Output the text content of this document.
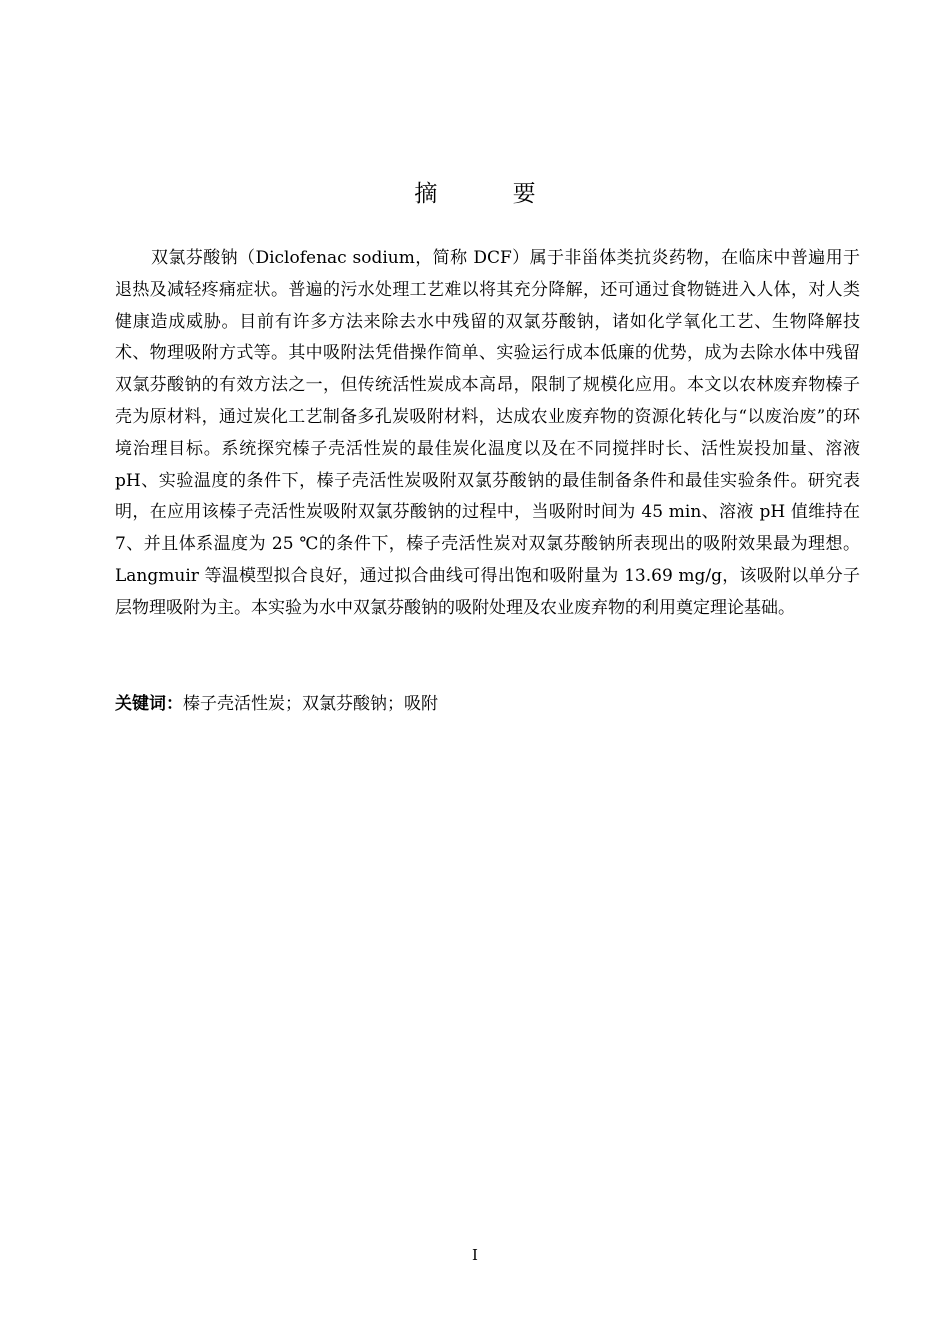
摘 要

双氯芬酸钠（Diclofenac sodium，简称 DCF）属于非甾体类抗炎药物，在临床中普遍用于退热及减轻疼痛症状。普遍的污水处理工艺难以将其充分降解，还可通过食物链进入人体，对人类健康造成威胁。目前有许多方法来除去水中残留的双氯芬酸钠，诸如化学氧化工艺、生物降解技术、物理吸附方式等。其中吸附法凭借操作简单、实验运行成本低廉的优势，成为去除水体中残留双氯芬酸钠的有效方法之一，但传统活性炭成本高昂，限制了规模化应用。本文以农林废弃物榛子壳为原材料，通过炭化工艺制备多孔炭吸附材料，达成农业废弃物的资源化转化与“以废治废”的环境治理目标。系统探究榛子壳活性炭的最佳炭化温度以及在不同搅拌时长、活性炭投加量、溶液 pH、实验温度的条件下，榛子壳活性炭吸附双氯芬酸钠的最佳制备条件和最佳实验条件。研究表明，在应用该榛子壳活性炭吸附双氯芬酸钠的过程中，当吸附时间为 45 min、溶液 pH 值维持在 7、并且体系温度为 25 ℃的条件下，榛子壳活性炭对双氯芬酸钠所表现出的吸附效果最为理想。Langmuir 等温模型拟合良好，通过拟合曲线可得出饱和吸附量为 13.69 mg/g，该吸附以单分子层物理吸附为主。本实验为水中双氯芬酸钠的吸附处理及农业废弃物的利用奠定理论基础。

关键词：榛子壳活性炭；双氯芬酸钠；吸附

I
